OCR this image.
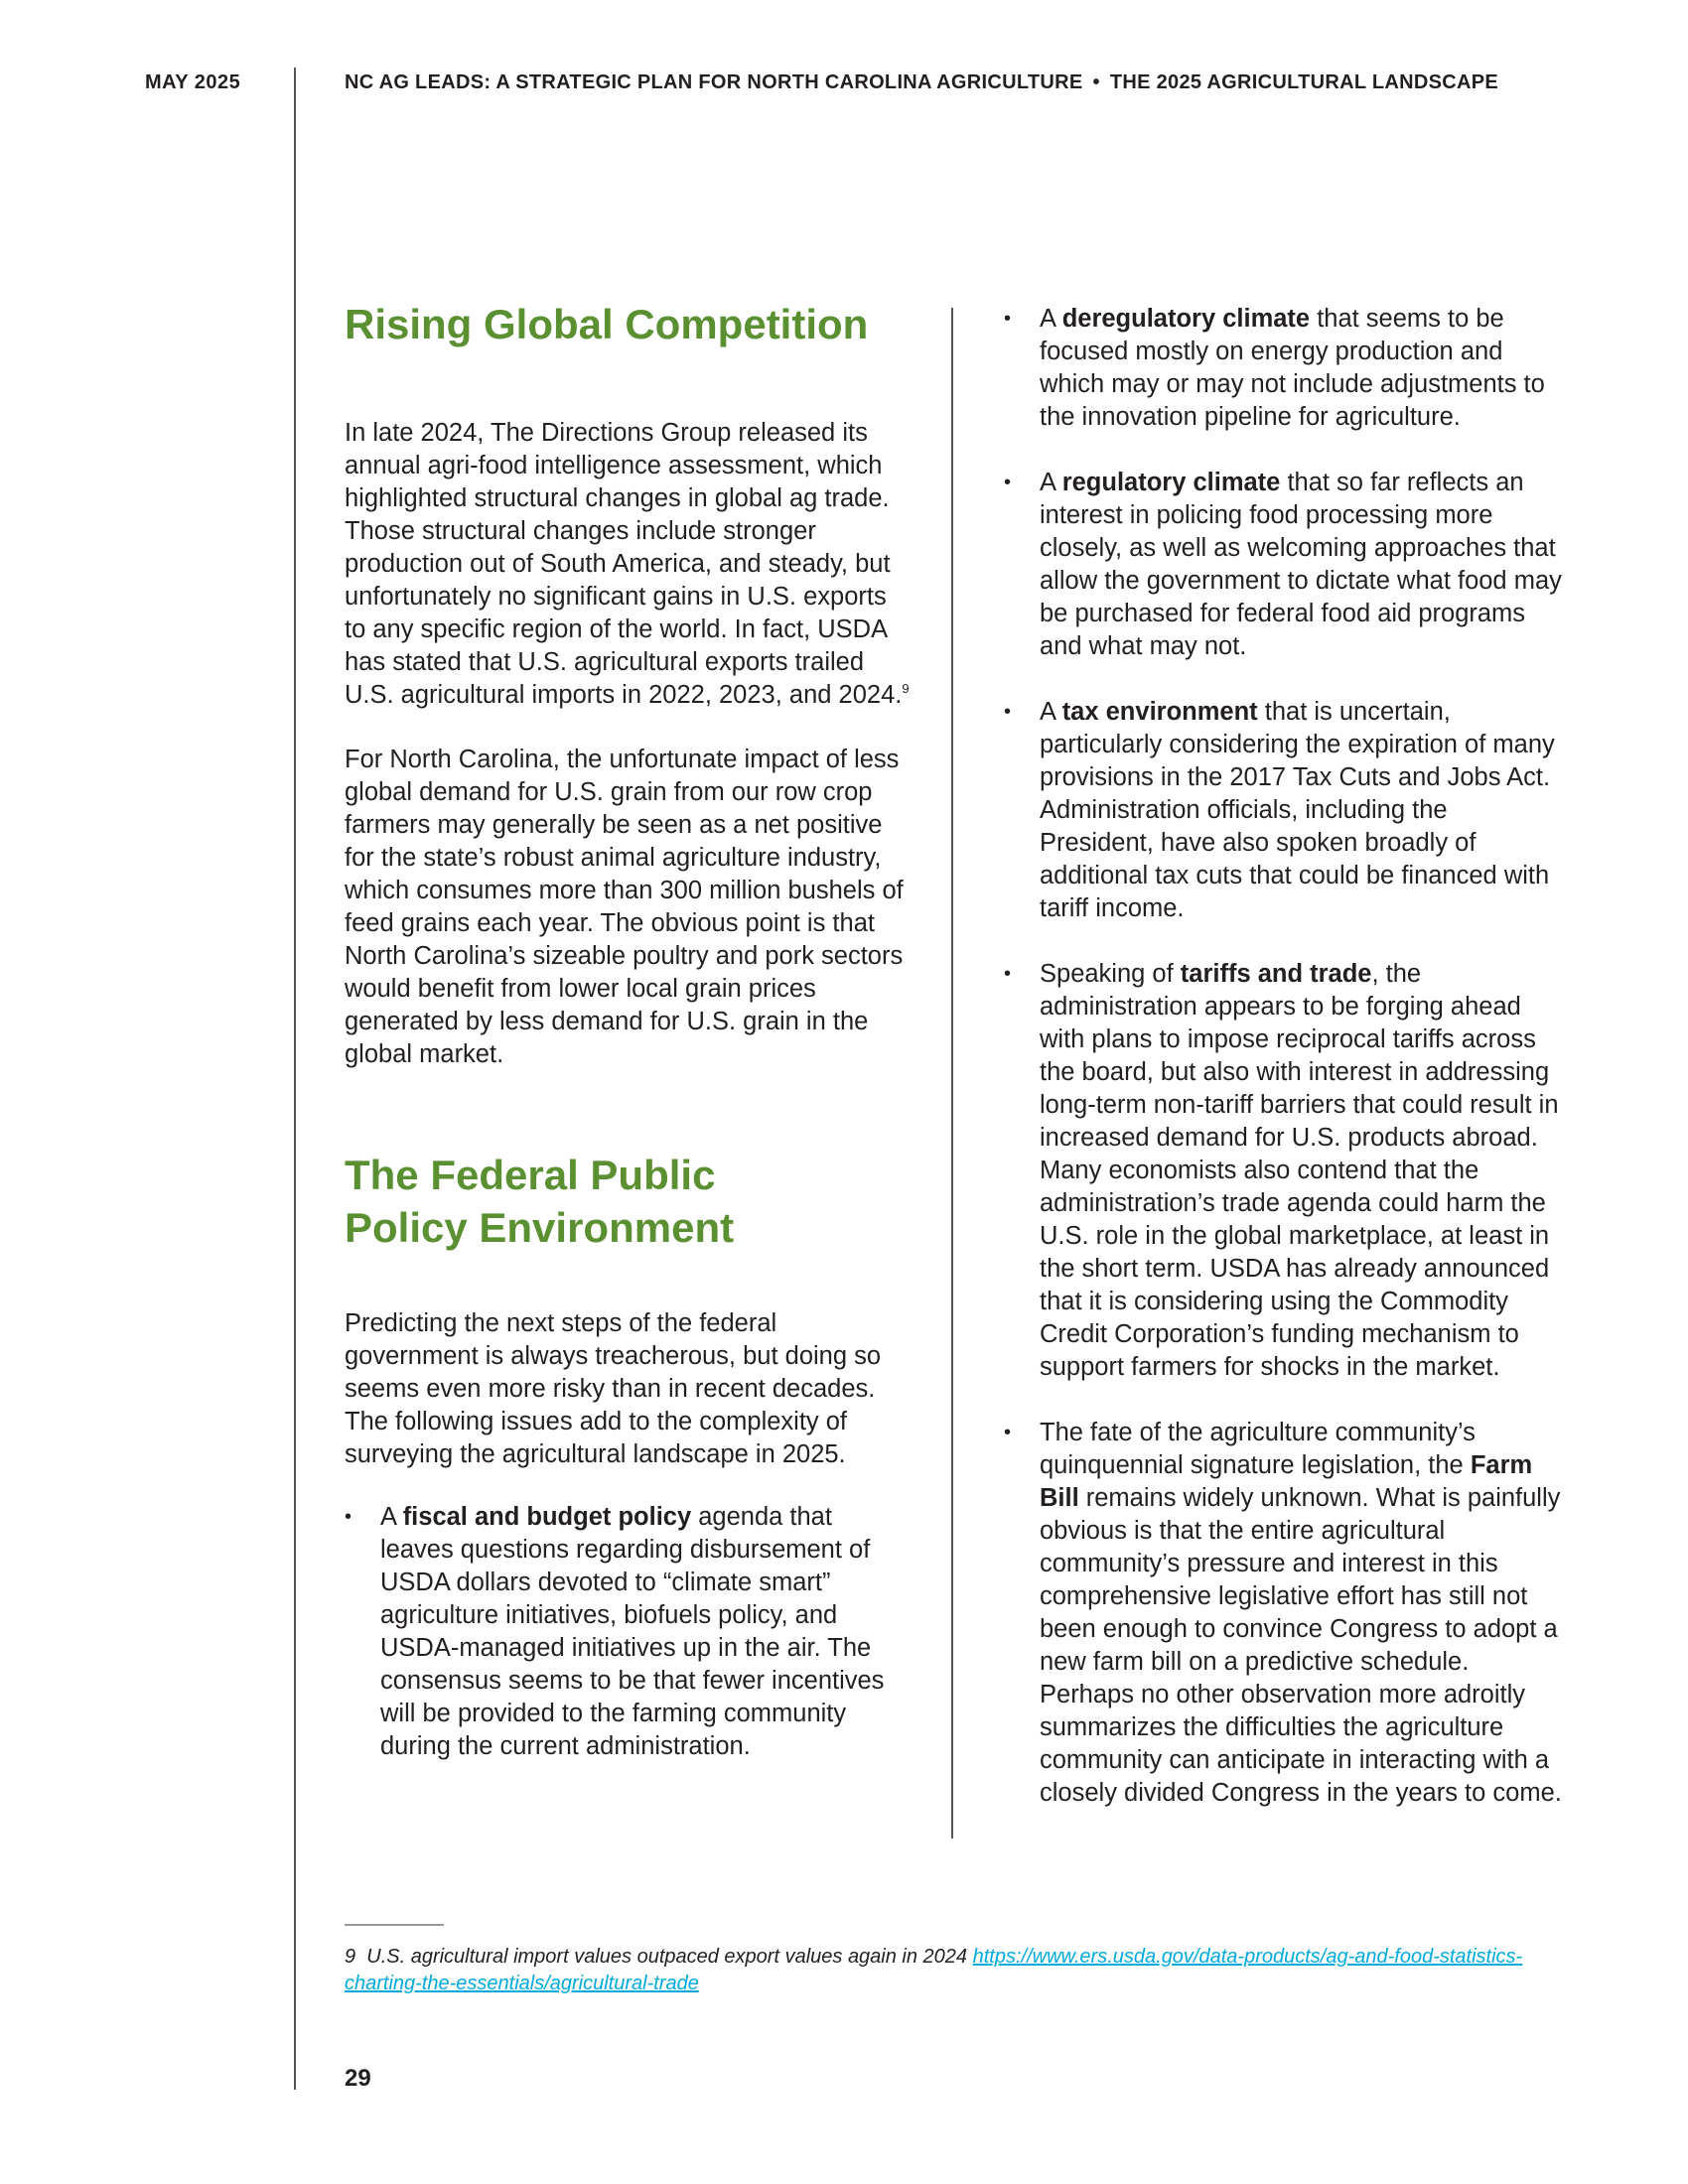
MAY 2025	NC AG LEADS: A STRATEGIC PLAN FOR NORTH CAROLINA AGRICULTURE • THE 2025 AGRICULTURAL LANDSCAPE
Rising Global Competition

In late 2024, The Directions Group released its annual agri-food intelligence assessment, which highlighted structural changes in global ag trade. Those structural changes include stronger production out of South America, and steady, but unfortunately no significant gains in U.S. exports to any specific region of the world. In fact, USDA has stated that U.S. agricultural exports trailed U.S. agricultural imports in 2022, 2023, and 2024.$^9$

For North Carolina, the unfortunate impact of less global demand for U.S. grain from our row crop farmers may generally be seen as a net positive for the state’s robust animal agriculture industry, which consumes more than 300 million bushels of feed grains each year. The obvious point is that North Carolina’s sizeable poultry and pork sectors would benefit from lower local grain prices generated by less demand for U.S. grain in the global market.

The Federal Public Policy Environment

Predicting the next steps of the federal government is always treacherous, but doing so seems even more risky than in recent decades. The following issues add to the complexity of surveying the agricultural landscape in 2025.

• A fiscal and budget policy agenda that leaves questions regarding disbursement of USDA dollars devoted to “climate smart” agriculture initiatives, biofuels policy, and USDA-managed initiatives up in the air. The consensus seems to be that fewer incentives will be provided to the farming community during the current administration.
• A deregulatory climate that seems to be focused mostly on energy production and which may or may not include adjustments to the innovation pipeline for agriculture.
• A regulatory climate that so far reflects an interest in policing food processing more closely, as well as welcoming approaches that allow the government to dictate what food may be purchased for federal food aid programs and what may not.
• A tax environment that is uncertain, particularly considering the expiration of many provisions in the 2017 Tax Cuts and Jobs Act. Administration officials, including the President, have also spoken broadly of additional tax cuts that could be financed with tariff income.
• Speaking of tariffs and trade, the administration appears to be forging ahead with plans to impose reciprocal tariffs across the board, but also with interest in addressing long-term non-tariff barriers that could result in increased demand for U.S. products abroad. Many economists also contend that the administration’s trade agenda could harm the U.S. role in the global marketplace, at least in the short term. USDA has already announced that it is considering using the Commodity Credit Corporation’s funding mechanism to support farmers for shocks in the market.
• The fate of the agriculture community’s quinquennial signature legislation, the Farm Bill remains widely unknown. What is painfully obvious is that the entire agricultural community’s pressure and interest in this comprehensive legislative effort has still not been enough to convince Congress to adopt a new farm bill on a predictive schedule. Perhaps no other observation more adroitly summarizes the difficulties the agriculture community can anticipate in interacting with a closely divided Congress in the years to come.
9 U.S. agricultural import values outpaced export values again in 2024 https://www.ers.usda.gov/data-products/ag-and-food-statistics-charting-the-essentials/agricultural-trade
29
